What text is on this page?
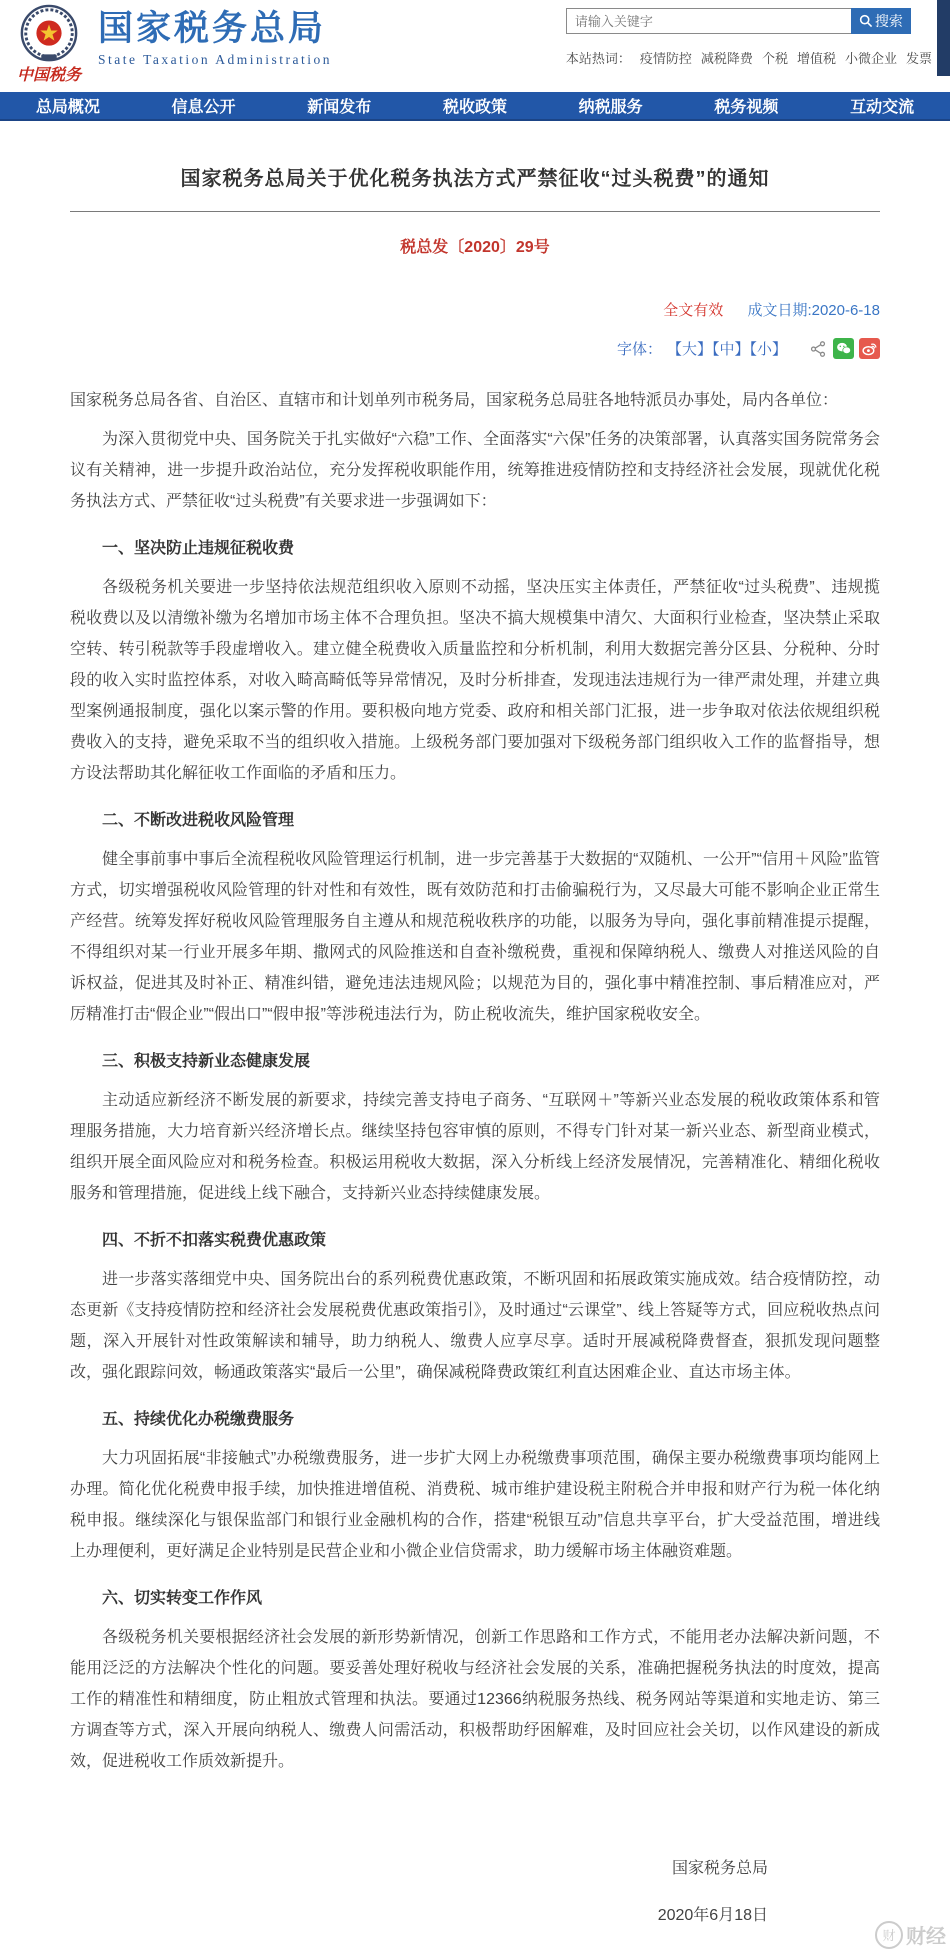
中国税务
国家税务总局
State Taxation Administration
请输入关键字
搜索
本站热词： 疫情防控 减税降费 个税 增值税 小微企业 发票
总局概况	信息公开	新闻发布	税收政策	纳税服务	税务视频	互动交流
国家税务总局关于优化税务执法方式严禁征收“过头税费”的通知
税总发〔2020〕29号
全文有效 成文日期:2020-6-18
字体： 【大】【中】【小】

国家税务总局各省、自治区、直辖市和计划单列市税务局，国家税务总局驻各地特派员办事处，局内各单位：

为深入贯彻党中央、国务院关于扎实做好“六稳”工作、全面落实“六保”任务的决策部署，认真落实国务院常务会议有关精神，进一步提升政治站位，充分发挥税收职能作用，统筹推进疫情防控和支持经济社会发展，现就优化税务执法方式、严禁征收“过头税费”有关要求进一步强调如下：

一、坚决防止违规征税收费

各级税务机关要进一步坚持依法规范组织收入原则不动摇，坚决压实主体责任，严禁征收“过头税费”、违规揽税收费以及以清缴补缴为名增加市场主体不合理负担。坚决不搞大规模集中清欠、大面积行业检查，坚决禁止采取空转、转引税款等手段虚增收入。建立健全税费收入质量监控和分析机制，利用大数据完善分区县、分税种、分时段的收入实时监控体系，对收入畸高畸低等异常情况，及时分析排查，发现违法违规行为一律严肃处理，并建立典型案例通报制度，强化以案示警的作用。要积极向地方党委、政府和相关部门汇报，进一步争取对依法依规组织税费收入的支持，避免采取不当的组织收入措施。上级税务部门要加强对下级税务部门组织收入工作的监督指导，想方设法帮助其化解征收工作面临的矛盾和压力。

二、不断改进税收风险管理

健全事前事中事后全流程税收风险管理运行机制，进一步完善基于大数据的“双随机、一公开”“信用＋风险”监管方式，切实增强税收风险管理的针对性和有效性，既有效防范和打击偷骗税行为，又尽最大可能不影响企业正常生产经营。统筹发挥好税收风险管理服务自主遵从和规范税收秩序的功能，以服务为导向，强化事前精准提示提醒，不得组织对某一行业开展多年期、撒网式的风险推送和自查补缴税费，重视和保障纳税人、缴费人对推送风险的自诉权益，促进其及时补正、精准纠错，避免违法违规风险；以规范为目的，强化事中精准控制、事后精准应对，严厉精准打击“假企业”“假出口”“假申报”等涉税违法行为，防止税收流失，维护国家税收安全。

三、积极支持新业态健康发展

主动适应新经济不断发展的新要求，持续完善支持电子商务、“互联网＋”等新兴业态发展的税收政策体系和管理服务措施，大力培育新兴经济增长点。继续坚持包容审慎的原则，不得专门针对某一新兴业态、新型商业模式，组织开展全面风险应对和税务检查。积极运用税收大数据，深入分析线上经济发展情况，完善精准化、精细化税收服务和管理措施，促进线上线下融合，支持新兴业态持续健康发展。

四、不折不扣落实税费优惠政策

进一步落实落细党中央、国务院出台的系列税费优惠政策，不断巩固和拓展政策实施成效。结合疫情防控，动态更新《支持疫情防控和经济社会发展税费优惠政策指引》，及时通过“云课堂”、线上答疑等方式，回应税收热点问题，深入开展针对性政策解读和辅导，助力纳税人、缴费人应享尽享。适时开展减税降费督查，狠抓发现问题整改，强化跟踪问效，畅通政策落实“最后一公里”，确保减税降费政策红利直达困难企业、直达市场主体。

五、持续优化办税缴费服务

大力巩固拓展“非接触式”办税缴费服务，进一步扩大网上办税缴费事项范围，确保主要办税缴费事项均能网上办理。简化优化税费申报手续，加快推进增值税、消费税、城市维护建设税主附税合并申报和财产行为税一体化纳税申报。继续深化与银保监部门和银行业金融机构的合作，搭建“税银互动”信息共享平台，扩大受益范围，增进线上办理便利，更好满足企业特别是民营企业和小微企业信贷需求，助力缓解市场主体融资难题。

六、切实转变工作作风

各级税务机关要根据经济社会发展的新形势新情况，创新工作思路和工作方式，不能用老办法解决新问题，不能用泛泛的方法解决个性化的问题。要妥善处理好税收与经济社会发展的关系，准确把握税务执法的时度效，提高工作的精准性和精细度，防止粗放式管理和执法。要通过12366纳税服务热线、税务网站等渠道和实地走访、第三方调查等方式，深入开展向纳税人、缴费人问需活动，积极帮助纾困解难，及时回应社会关切，以作风建设的新成效，促进税收工作质效新提升。

国家税务总局
2020年6月18日
财 财经
